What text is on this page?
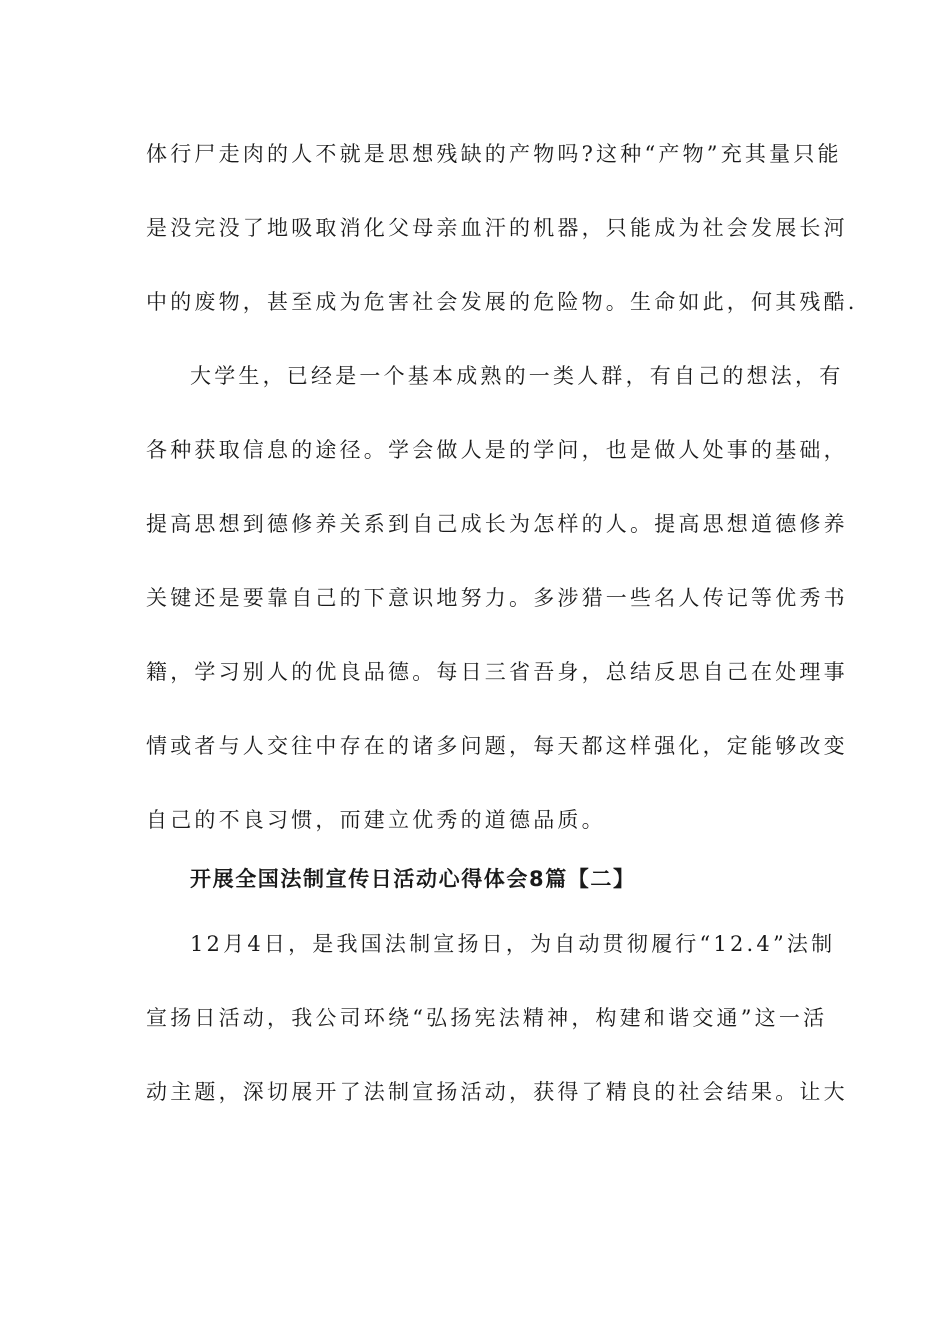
体行尸走肉的人不就是思想残缺的产物吗?这种“产物”充其量只能
是没完没了地吸取消化父母亲血汗的机器，只能成为社会发展长河
中的废物，甚至成为危害社会发展的危险物。生命如此，何其残酷.
大学生，已经是一个基本成熟的一类人群，有自己的想法，有
各种获取信息的途径。学会做人是的学问，也是做人处事的基础，
提高思想到德修养关系到自己成长为怎样的人。提高思想道德修养
关键还是要靠自己的下意识地努力。多涉猎一些名人传记等优秀书
籍，学习别人的优良品德。每日三省吾身，总结反思自己在处理事
情或者与人交往中存在的诸多问题，每天都这样强化，定能够改变
自己的不良习惯，而建立优秀的道德品质。
开展全国法制宣传日活动心得体会8篇【二】
12月4日，是我国法制宣扬日，为自动贯彻履行“12.4”法制
宣扬日活动，我公司环绕“弘扬宪法精神，构建和谐交通”这一活
动主题，深切展开了法制宣扬活动，获得了精良的社会结果。让大
